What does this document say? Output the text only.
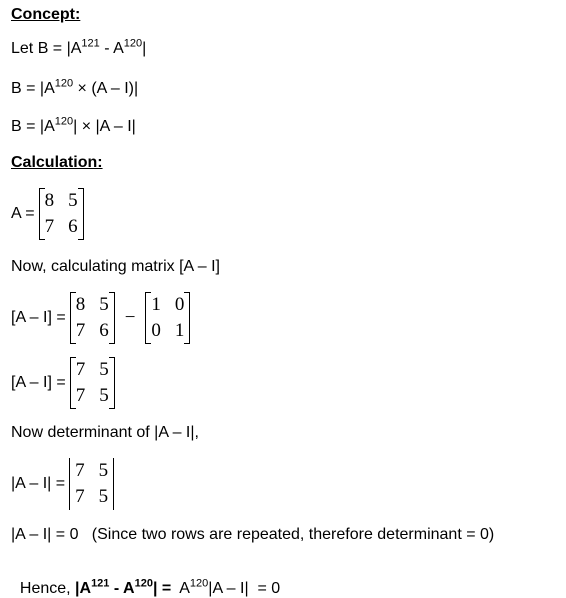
Concept:
Let $B = |A^{121} - A^{120}|$
$B = |A^{120} \times (A - I)|$
$B = |A^{120}| \times |A - I|$
Calculation:
A =
8 5
7 6
Now, calculating matrix [A – I]
[A – I] =
8 5
7 6
−
1 0
0 1
[A – I] =
7 5
7 5
Now determinant of |A – I|,
|A – I| =
7 5
7 5
|A – I| = 0   (Since two rows are repeated, therefore determinant = 0)

Hence, $|A^{121} - A^{120}| = A^{120}|A - I| = 0$
